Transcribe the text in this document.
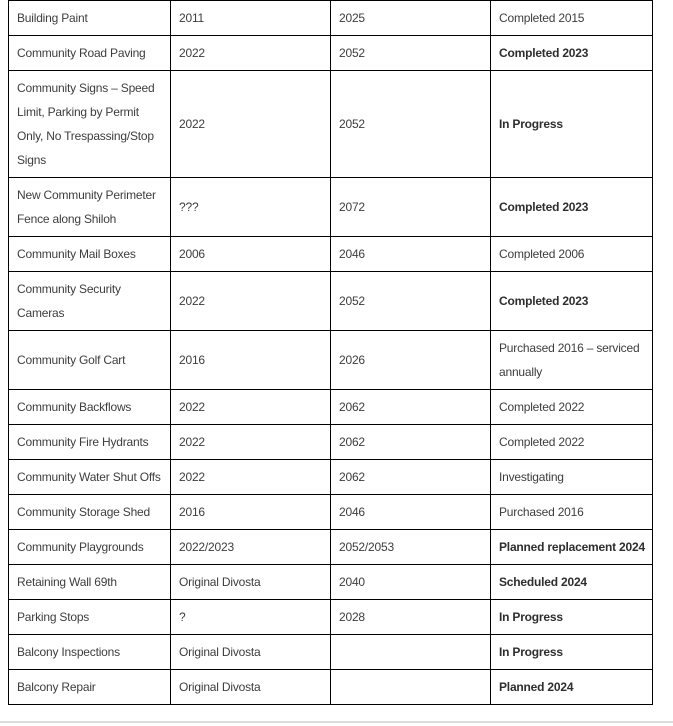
Building Paint	2011	2025	Completed 2015
Community Road Paving	2022	2052	Completed 2023
Community Signs – Speed Limit, Parking by Permit Only, No Trespassing/Stop Signs	2022	2052	In Progress
New Community Perimeter Fence along Shiloh	???	2072	Completed 2023
Community Mail Boxes	2006	2046	Completed 2006
Community Security Cameras	2022	2052	Completed 2023
Community Golf Cart	2016	2026	Purchased 2016 – serviced annually
Community Backflows	2022	2062	Completed 2022
Community Fire Hydrants	2022	2062	Completed 2022
Community Water Shut Offs	2022	2062	Investigating
Community Storage Shed	2016	2046	Purchased 2016
Community Playgrounds	2022/2023	2052/2053	Planned replacement 2024
Retaining Wall 69th	Original Divosta	2040	Scheduled 2024
Parking Stops	?	2028	In Progress
Balcony Inspections	Original Divosta		In Progress
Balcony Repair	Original Divosta		Planned 2024
